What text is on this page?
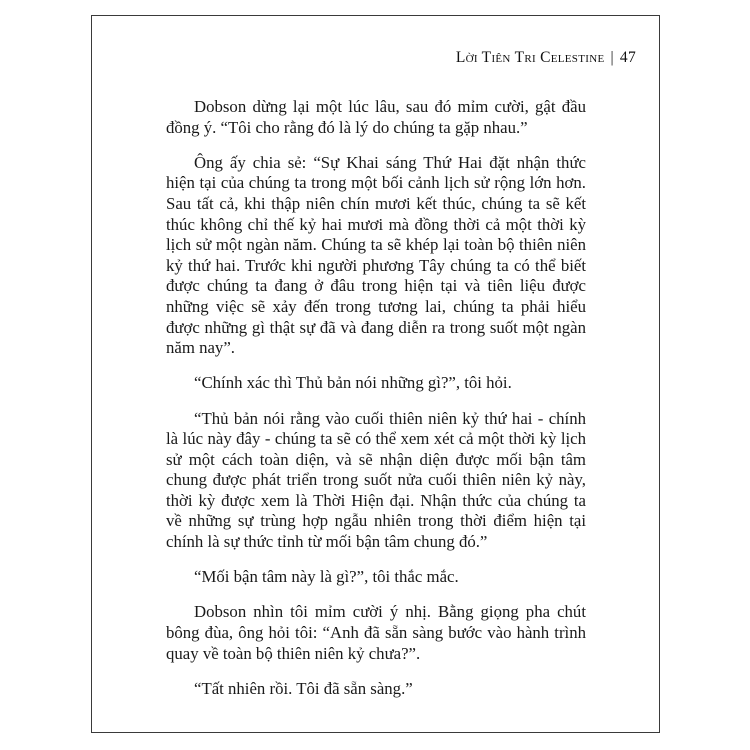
Lời Tiên Tri Celestine | 47

Dobson dừng lại một lúc lâu, sau đó mỉm cười, gật đầu đồng ý. “Tôi cho rằng đó là lý do chúng ta gặp nhau.”

Ông ấy chia sẻ: “Sự Khai sáng Thứ Hai đặt nhận thức hiện tại của chúng ta trong một bối cảnh lịch sử rộng lớn hơn. Sau tất cả, khi thập niên chín mươi kết thúc, chúng ta sẽ kết thúc không chỉ thế kỷ hai mươi mà đồng thời cả một thời kỳ lịch sử một ngàn năm. Chúng ta sẽ khép lại toàn bộ thiên niên kỷ thứ hai. Trước khi người phương Tây chúng ta có thể biết được chúng ta đang ở đâu trong hiện tại và tiên liệu được những việc sẽ xảy đến trong tương lai, chúng ta phải hiểu được những gì thật sự đã và đang diễn ra trong suốt một ngàn năm nay”.

“Chính xác thì Thủ bản nói những gì?”, tôi hỏi.

“Thủ bản nói rằng vào cuối thiên niên kỷ thứ hai - chính là lúc này đây - chúng ta sẽ có thể xem xét cả một thời kỳ lịch sử một cách toàn diện, và sẽ nhận diện được mối bận tâm chung được phát triển trong suốt nửa cuối thiên niên kỷ này, thời kỳ được xem là Thời Hiện đại. Nhận thức của chúng ta về những sự trùng hợp ngẫu nhiên trong thời điểm hiện tại chính là sự thức tỉnh từ mối bận tâm chung đó.”

“Mối bận tâm này là gì?”, tôi thắc mắc.

Dobson nhìn tôi mỉm cười ý nhị. Bằng giọng pha chút bông đùa, ông hỏi tôi: “Anh đã sẵn sàng bước vào hành trình quay về toàn bộ thiên niên kỷ chưa?”.

“Tất nhiên rồi. Tôi đã sẵn sàng.”
